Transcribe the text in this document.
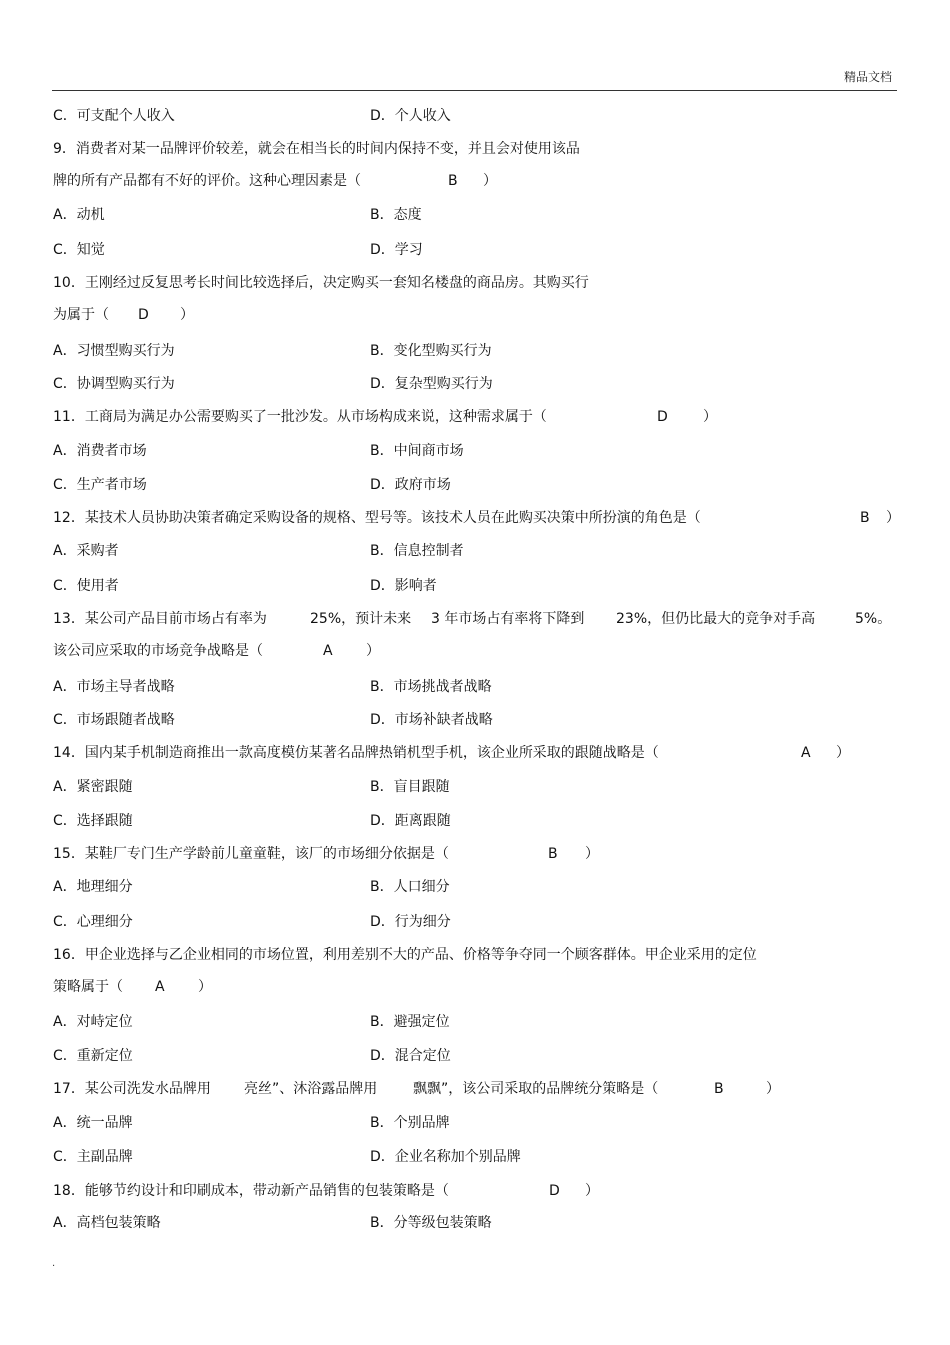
精品文档
C．可支配个人收入	D．个人收入
9．消费者对某一品牌评价较差，就会在相当长的时间内保持不变，并且会对使用该品
牌的所有产品都有不好的评价。这种心理因素是（
A．动机	B．态度
C．知觉	D．学习
10．王刚经过反复思考长时间比较选择后，决定购买一套知名楼盘的商品房。其购买行
为属于（
A．习惯型购买行为	B．变化型购买行为
C．协调型购买行为	D．复杂型购买行为
11．工商局为满足办公需要购买了一批沙发。从市场构成来说，这种需求属于（
A．消费者市场	B．中间商市场
C．生产者市场	D．政府市场
12．某技术人员协助决策者确定采购设备的规格、型号等。该技术人员在此购买决策中所扮演的角色是（
A．采购者	B．信息控制者
C．使用者	D．影响者
13．某公司产品目前市场占有率为
该公司应采取的市场竞争战略是（
A．市场主导者战略	B．市场挑战者战略
C．市场跟随者战略	D．市场补缺者战略
14．国内某手机制造商推出一款高度模仿某著名品牌热销机型手机，该企业所采取的跟随战略是（
A．紧密跟随	B．盲目跟随
C．选择跟随	D．距离跟随
15．某鞋厂专门生产学龄前儿童童鞋，该厂的市场细分依据是（
A．地理细分	B．人口细分
C．心理细分	D．行为细分
16．甲企业选择与乙企业相同的市场位置，利用差别不大的产品、价格等争夺同一个顾客群体。甲企业采用的定位
策略属于（
A．对峙定位	B．避强定位
C．重新定位	D．混合定位
17．某公司洗发水品牌用
A．统一品牌	B．个别品牌
C．主副品牌	D．企业名称加个别品牌
18．能够节约设计和印刷成本，带动新产品销售的包装策略是（
A．高档包装策略	B．分等级包装策略
B ）
D ）
D	）
B ）
25%，预计未来 3 年市场占有率将下降到 23%，但仍比最大的竞争对手高	5%。
A ）
A ）
B ）
A ）
亮丝”、沐浴露品牌用	飘飘”，该公司采取的品牌统分策略是（	B	）
D ）
.
